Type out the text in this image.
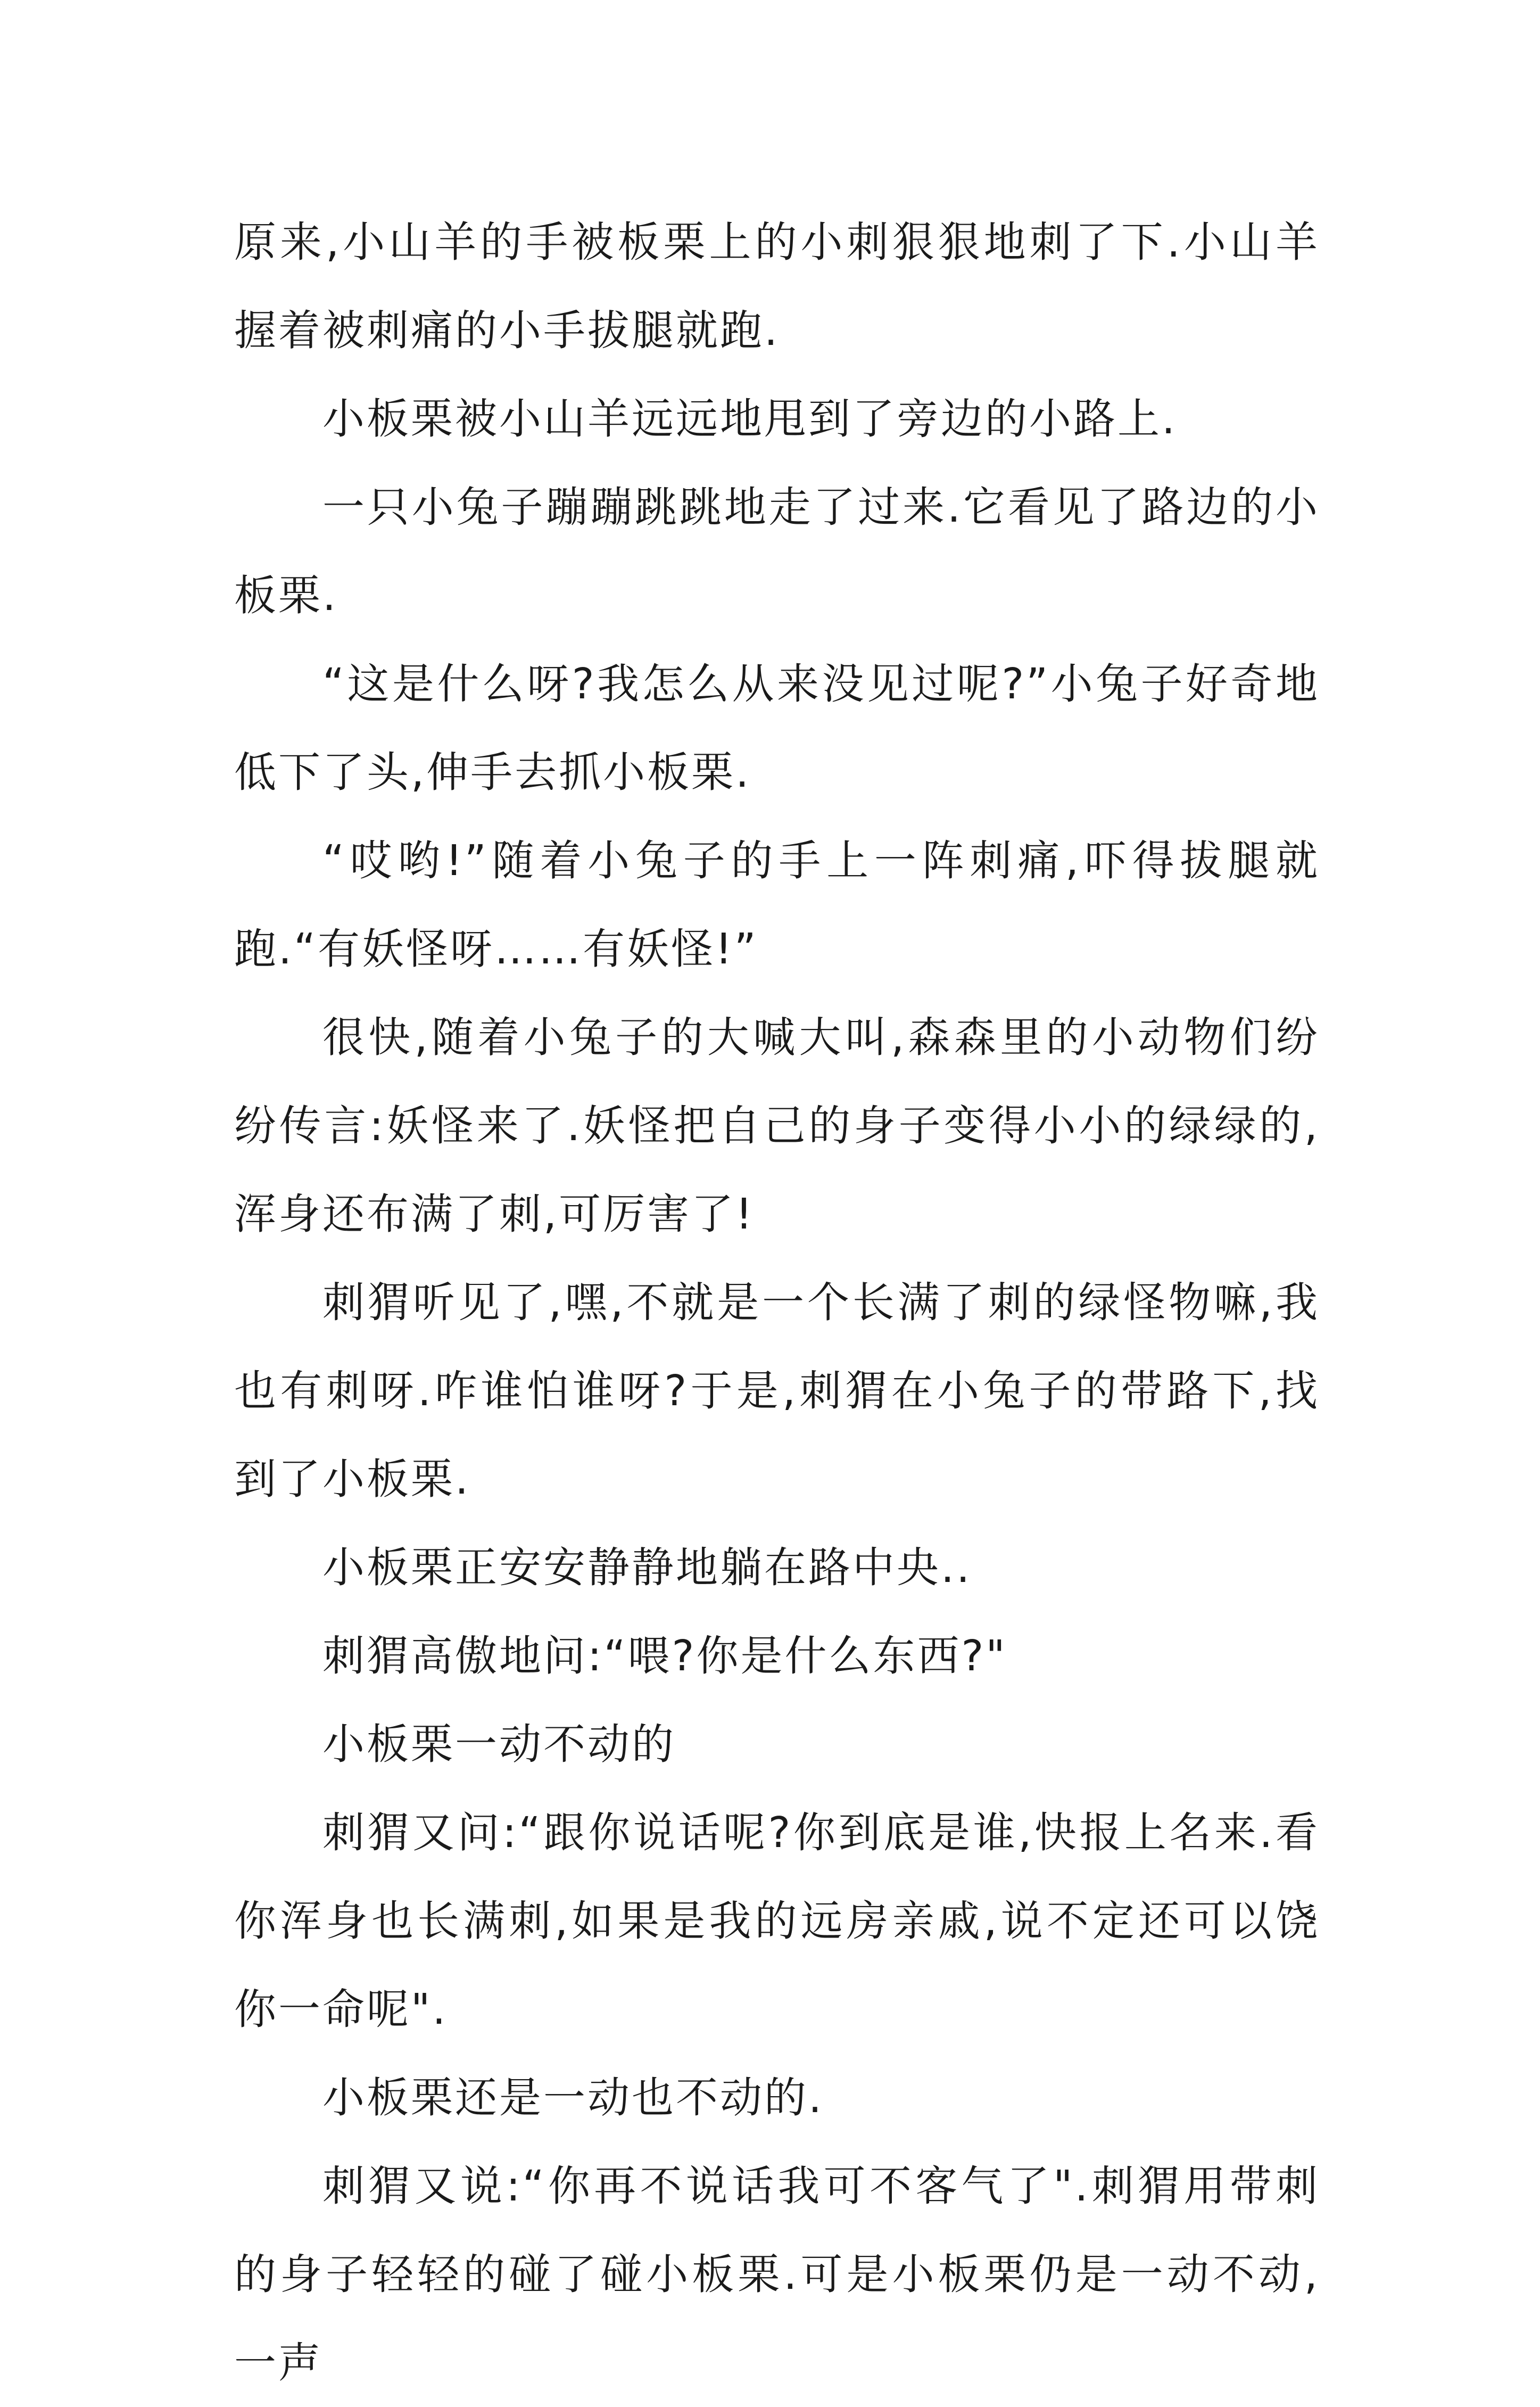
原来,小山羊的手被板栗上的小刺狠狠地刺了下.小山羊握着被刺痛的小手拔腿就跑.

小板栗被小山羊远远地甩到了旁边的小路上.

一只小兔子蹦蹦跳跳地走了过来.它看见了路边的小板栗.

“这是什么呀?我怎么从来没见过呢?”小兔子好奇地低下了头,伸手去抓小板栗.

“哎哟!”随着小兔子的手上一阵刺痛,吓得拔腿就跑.“有妖怪呀……有妖怪!”

很快,随着小兔子的大喊大叫,森森里的小动物们纷纷传言:妖怪来了.妖怪把自己的身子变得小小的绿绿的,浑身还布满了刺,可厉害了!

刺猬听见了,嘿,不就是一个长满了刺的绿怪物嘛,我也有刺呀.咋谁怕谁呀?于是,刺猬在小兔子的带路下,找到了小板栗.

小板栗正安安静静地躺在路中央..

刺猬高傲地问:“喂?你是什么东西?"

小板栗一动不动的

刺猬又问:“跟你说话呢?你到底是谁,快报上名来.看你浑身也长满刺,如果是我的远房亲戚,说不定还可以饶你一命呢".

小板栗还是一动也不动的.

刺猬又说:“你再不说话我可不客气了".刺猬用带刺的身子轻轻的碰了碰小板栗.可是小板栗仍是一动不动,一声
